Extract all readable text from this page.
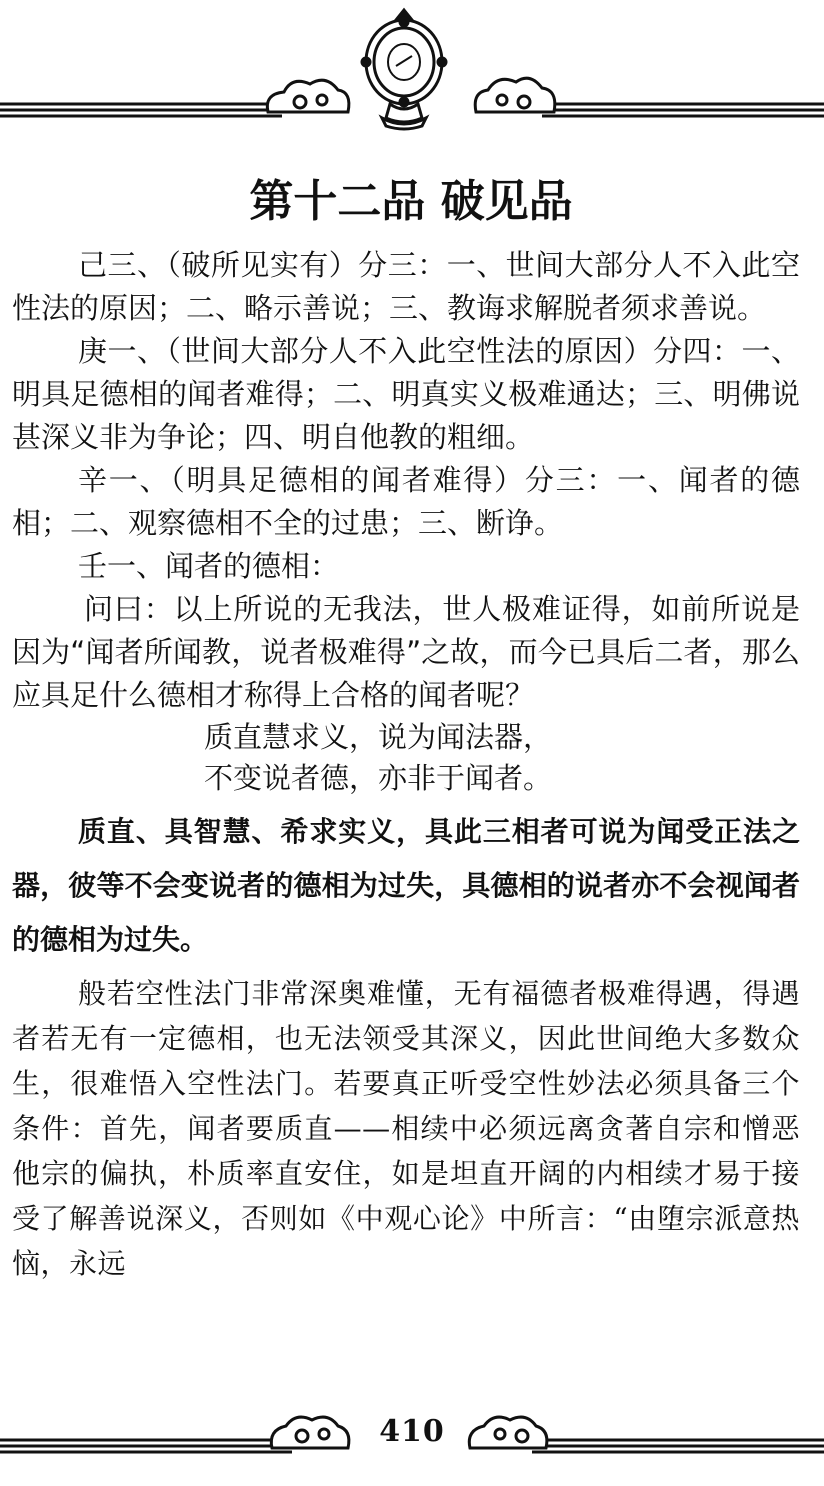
第十二品 破见品

己三、（破所见实有）分三：一、世间大部分人不入此空性法的原因；二、略示善说；三、教诲求解脱者须求善说。

庚一、（世间大部分人不入此空性法的原因）分四：一、明具足德相的闻者难得；二、明真实义极难通达；三、明佛说甚深义非为争论；四、明自他教的粗细。

辛一、（明具足德相的闻者难得）分三：一、闻者的德相；二、观察德相不全的过患；三、断诤。

壬一、闻者的德相：

问曰：以上所说的无我法，世人极难证得，如前所说是因为“闻者所闻教，说者极难得”之故，而今已具后二者，那么应具足什么德相才称得上合格的闻者呢？

质直慧求义，说为闻法器，

不变说者德，亦非于闻者。

质直、具智慧、希求实义，具此三相者可说为闻受正法之器，彼等不会变说者的德相为过失，具德相的说者亦不会视闻者的德相为过失。

般若空性法门非常深奥难懂，无有福德者极难得遇，得遇者若无有一定德相，也无法领受其深义，因此世间绝大多数众生，很难悟入空性法门。若要真正听受空性妙法必须具备三个条件：首先，闻者要质直——相续中必须远离贪著自宗和憎恶他宗的偏执，朴质率直安住，如是坦直开阔的内相续才易于接受了解善说深义，否则如《中观心论》中所言：“由堕宗派意热恼，永远

410
